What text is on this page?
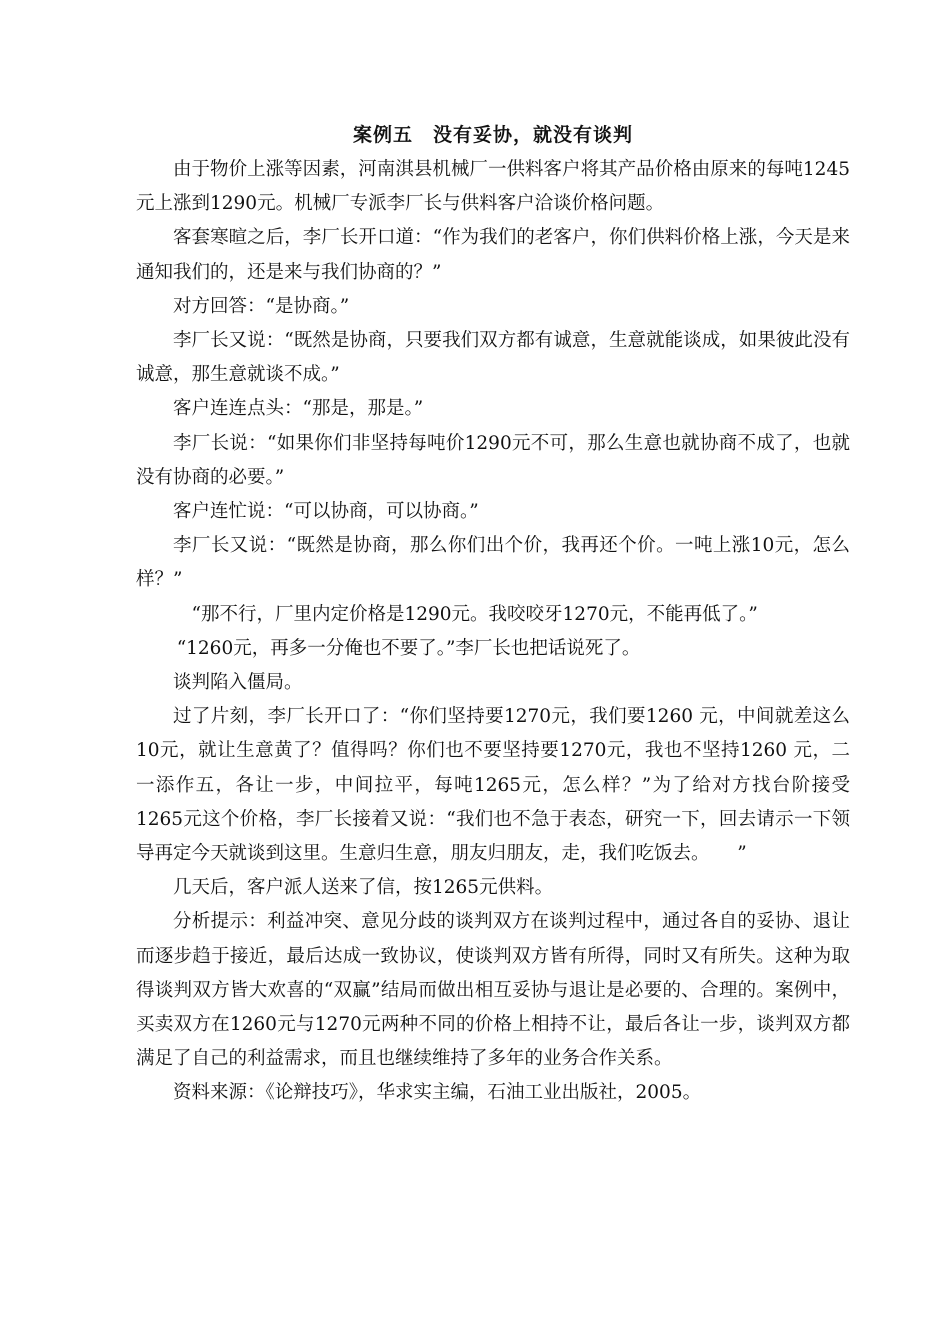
案例五　没有妥协，就没有谈判

由于物价上涨等因素，河南淇县机械厂一供料客户将其产品价格由原来的每吨1245元上涨到1290元。机械厂专派李厂长与供料客户洽谈价格问题。

客套寒暄之后，李厂长开口道：“作为我们的老客户，你们供料价格上涨，今天是来通知我们的，还是来与我们协商的？”

对方回答：“是协商。”

李厂长又说：“既然是协商，只要我们双方都有诚意，生意就能谈成，如果彼此没有诚意，那生意就谈不成。”

客户连连点头：“那是，那是。”

李厂长说：“如果你们非坚持每吨价1290元不可，那么生意也就协商不成了，也就没有协商的必要。”

客户连忙说：“可以协商，可以协商。”

李厂长又说：“既然是协商，那么你们出个价，我再还个价。一吨上涨10元，怎么样？”

“那不行，厂里内定价格是1290元。我咬咬牙1270元，不能再低了。”

“1260元，再多一分俺也不要了。”李厂长也把话说死了。

谈判陷入僵局。

过了片刻，李厂长开口了：“你们坚持要1270元，我们要1260 元，中间就差这么10元，就让生意黄了？值得吗？你们也不要坚持要1270元，我也不坚持1260 元，二一添作五，各让一步，中间拉平，每吨1265元，怎么样？”为了给对方找台阶接受1265元这个价格，李厂长接着又说：“我们也不急于表态，研究一下，回去请示一下领导再定今天就谈到这里。生意归生意，朋友归朋友，走，我们吃饭去。　　”

几天后，客户派人送来了信，按1265元供料。

分析提示：利益冲突、意见分歧的谈判双方在谈判过程中，通过各自的妥协、退让而逐步趋于接近，最后达成一致协议，使谈判双方皆有所得，同时又有所失。这种为取得谈判双方皆大欢喜的“双赢”结局而做出相互妥协与退让是必要的、合理的。案例中，买卖双方在1260元与1270元两种不同的价格上相持不让，最后各让一步，谈判双方都满足了自己的利益需求，而且也继续维持了多年的业务合作关系。

资料来源：《论辩技巧》，华求实主编，石油工业出版社，2005。
